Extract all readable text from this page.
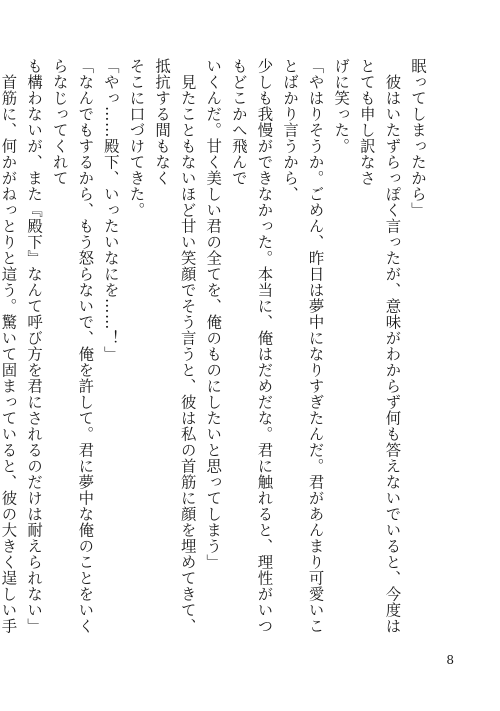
眠ってしまったから」

　彼はいたずらっぽく言ったが、意味がわからず何も答えないでいると、今度はとても申し訳なさ

げに笑った。

「やはりそうか。ごめん、昨日は夢中になりすぎたんだ。君があんまり可愛いことばかり言うから、

少しも我慢ができなかった。本当に、俺はだめだな。君に触れると、理性がいつもどこかへ飛んで

いくんだ。甘く美しい君の全てを、俺のものにしたいと思ってしまう」

　見たこともないほど甘い笑顔でそう言うと、彼は私の首筋に顔を埋めてきて、抵抗する間もなく

そこに口づけてきた。

「やっ……殿下、いったいなにを……！」

「なんでもするから、もう怒らないで、俺を許して。君に夢中な俺のことをいくらなじってくれて

も構わないが、また『殿下』なんて呼び方を君にされるのだけは耐えられない」

　首筋に、何かがねっとりと這う。驚いて固まっていると、彼の大きく逞しい手

8
